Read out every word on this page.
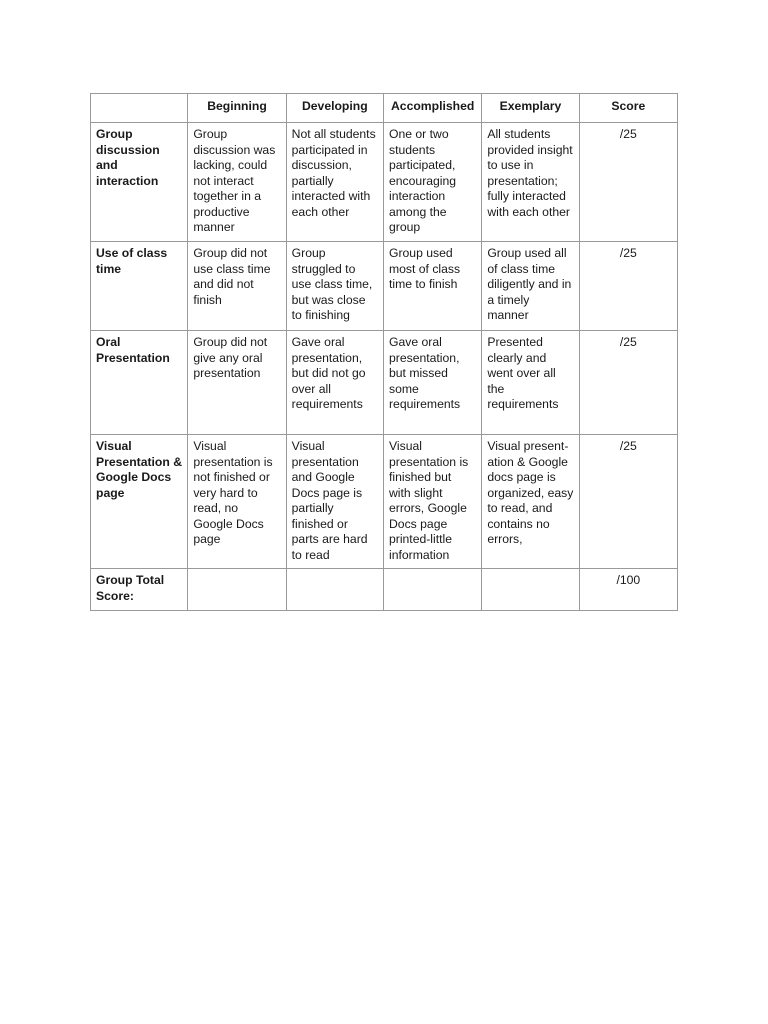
	Beginning	Developing	Accomplished	Exemplary	Score
Group discussion and interaction	Group discussion was lacking, could not interact together in a productive manner	Not all students participated in discussion, partially interacted with each other	One or two students participated, encouraging interaction among the group	All students provided insight to use in presentation; fully interacted with each other	/25
Use of class time	Group did not use class time and did not finish	Group struggled to use class time, but was close to finishing	Group used most of class time to finish	Group used all of class time diligently and in a timely manner	/25
Oral Presentation	Group did not give any oral presentation	Gave oral presentation, but did not go over all requirements	Gave oral presentation, but missed some requirements	Presented clearly and went over all the requirements	/25
Visual Presentation & Google Docs page	Visual presentation is not finished or very hard to read, no Google Docs page	Visual presentation and Google Docs page is partially finished or parts are hard to read	Visual presentation is finished but with slight errors, Google Docs page printed-little information	Visual present-ation & Google docs page is organized, easy to read, and contains no errors,	/25
Group Total Score:					/100
